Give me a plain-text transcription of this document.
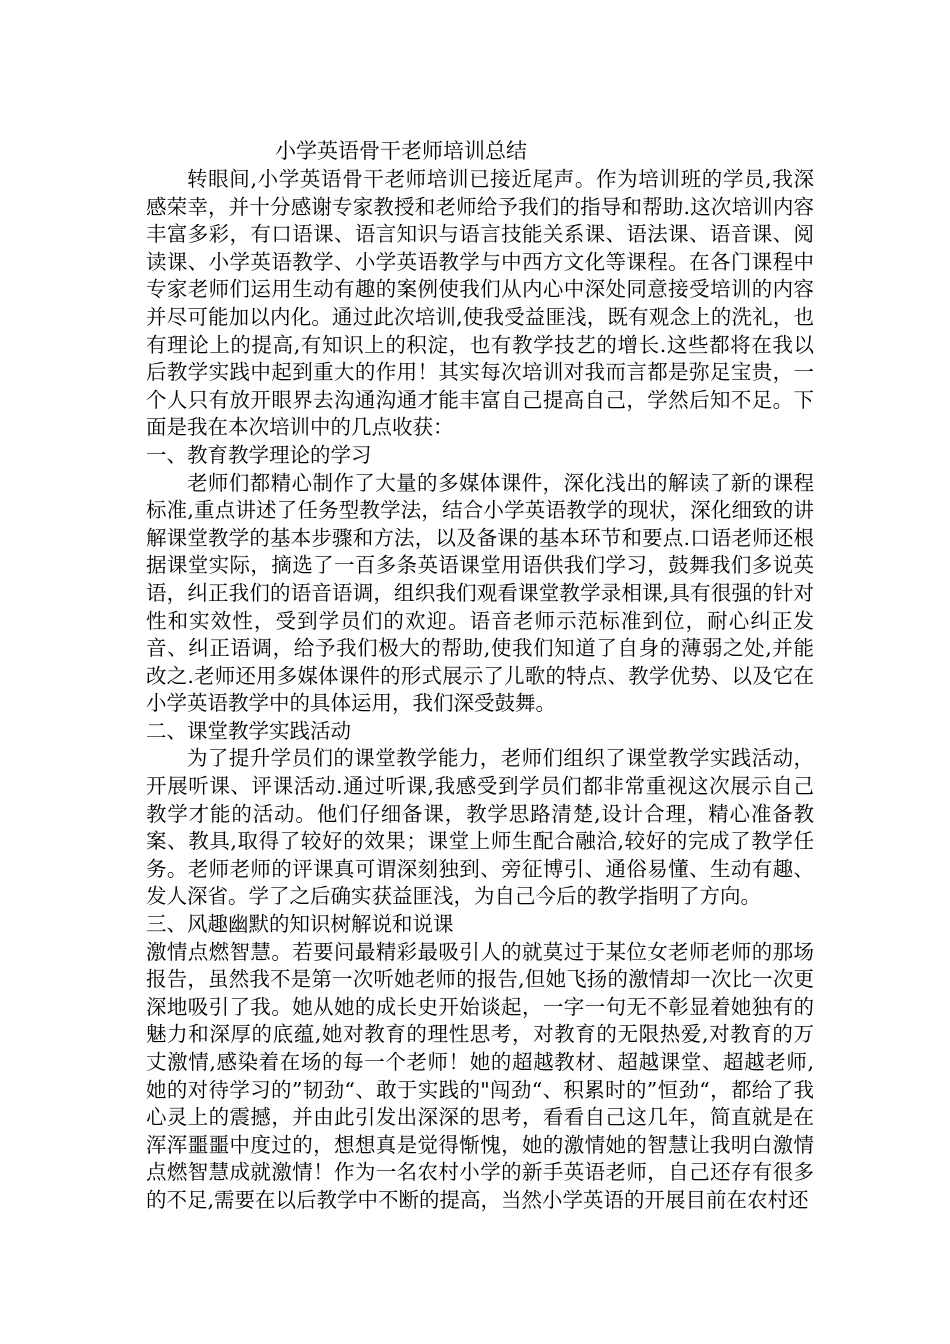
小学英语骨干老师培训总结

转眼间,小学英语骨干老师培训已接近尾声。作为培训班的学员,我深感荣幸，并十分感谢专家教授和老师给予我们的指导和帮助.这次培训内容丰富多彩，有口语课、语言知识与语言技能关系课、语法课、语音课、阅读课、小学英语教学、小学英语教学与中西方文化等课程。在各门课程中专家老师们运用生动有趣的案例使我们从内心中深处同意接受培训的内容并尽可能加以内化。通过此次培训,使我受益匪浅，既有观念上的洗礼，也有理论上的提高,有知识上的积淀，也有教学技艺的增长.这些都将在我以后教学实践中起到重大的作用！其实每次培训对我而言都是弥足宝贵，一个人只有放开眼界去沟通沟通才能丰富自己提高自己，学然后知不足。下面是我在本次培训中的几点收获：

一、教育教学理论的学习

老师们都精心制作了大量的多媒体课件，深化浅出的解读了新的课程标准,重点讲述了任务型教学法，结合小学英语教学的现状，深化细致的讲解课堂教学的基本步骤和方法，以及备课的基本环节和要点.口语老师还根据课堂实际，摘选了一百多条英语课堂用语供我们学习，鼓舞我们多说英语，纠正我们的语音语调，组织我们观看课堂教学录相课,具有很强的针对性和实效性，受到学员们的欢迎。语音老师示范标准到位，耐心纠正发音、纠正语调，给予我们极大的帮助,使我们知道了自身的薄弱之处,并能改之.老师还用多媒体课件的形式展示了儿歌的特点、教学优势、以及它在小学英语教学中的具体运用，我们深受鼓舞。

二、课堂教学实践活动

为了提升学员们的课堂教学能力，老师们组织了课堂教学实践活动，开展听课、评课活动.通过听课,我感受到学员们都非常重视这次展示自己教学才能的活动。他们仔细备课，教学思路清楚,设计合理，精心准备教案、教具,取得了较好的效果；课堂上师生配合融洽,较好的完成了教学任务。老师老师的评课真可谓深刻独到、旁征博引、通俗易懂、生动有趣、发人深省。学了之后确实获益匪浅，为自己今后的教学指明了方向。

三、风趣幽默的知识树解说和说课

激情点燃智慧。若要问最精彩最吸引人的就莫过于某位女老师老师的那场报告，虽然我不是第一次听她老师的报告,但她飞扬的激情却一次比一次更深地吸引了我。她从她的成长史开始谈起，一字一句无不彰显着她独有的魅力和深厚的底蕴,她对教育的理性思考，对教育的无限热爱,对教育的万丈激情,感染着在场的每一个老师！她的超越教材、超越课堂、超越老师,她的对待学习的”韧劲“、敢于实践的"闯劲“、积累时的”恒劲“，都给了我心灵上的震撼，并由此引发出深深的思考，看看自己这几年，简直就是在浑浑噩噩中度过的，想想真是觉得惭愧，她的激情她的智慧让我明白激情点燃智慧成就激情！作为一名农村小学的新手英语老师，自己还存有很多的不足,需要在以后教学中不断的提高，当然小学英语的开展目前在农村还
